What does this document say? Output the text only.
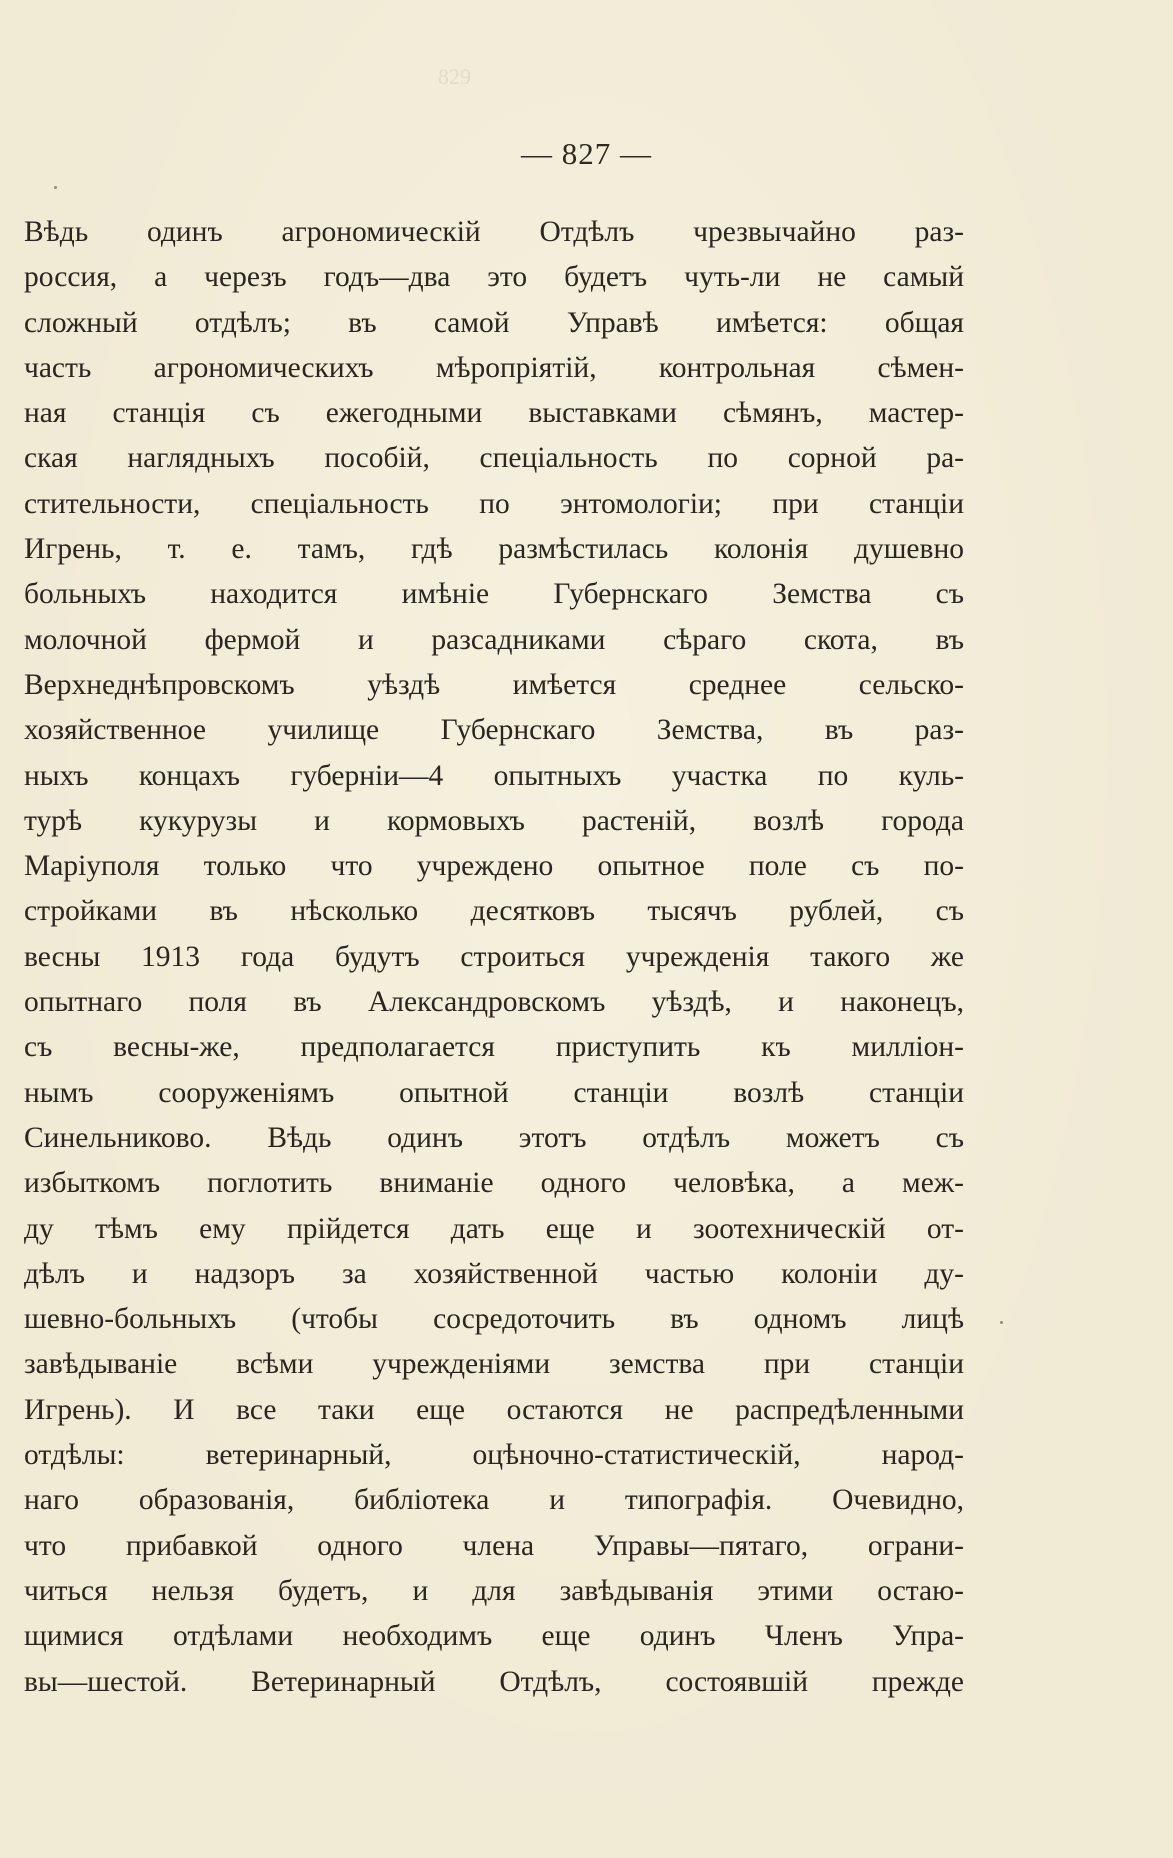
829
— 827 —
Вѣдь одинъ агрономическій Отдѣлъ чрезвычайно раз-
россия, а черезъ годъ—два это будетъ чуть-ли не самый
сложный отдѣлъ; въ самой Управѣ имѣется: общая
часть агрономическихъ мѣропріятій, контрольная сѣмен-
ная станція съ ежегодными выставками сѣмянъ, мастер-
ская наглядныхъ пособій, спеціальность по сорной ра-
стительности, спеціальность по энтомологіи; при станціи
Игрень, т. е. тамъ, гдѣ размѣстилась колонія душевно
больныхъ находится имѣніе Губернскаго Земства съ
молочной фермой и разсадниками сѣраго скота, въ
Верхнеднѣпровскомъ уѣздѣ имѣется среднее сельско-
хозяйственное училище Губернскаго Земства, въ раз-
ныхъ концахъ губерніи—4 опытныхъ участка по куль-
турѣ кукурузы и кормовыхъ растеній, возлѣ города
Маріуполя только что учреждено опытное поле съ по-
стройками въ нѣсколько десятковъ тысячъ рублей, съ
весны 1913 года будутъ строиться учрежденія такого же
опытнаго поля въ Александровскомъ уѣздѣ, и наконецъ,
съ весны-же, предполагается приступить къ милліон-
нымъ сооруженіямъ опытной станціи возлѣ станціи
Синельниково. Вѣдь одинъ этотъ отдѣлъ можетъ съ
избыткомъ поглотить вниманіе одного человѣка, а меж-
ду тѣмъ ему прійдется дать еще и зоотехническій от-
дѣлъ и надзоръ за хозяйственной частью колоніи ду-
шевно-больныхъ (чтобы сосредоточить въ одномъ лицѣ
завѣдываніе всѣми учрежденіями земства при станціи
Игрень). И все таки еще остаются не распредѣленными
отдѣлы: ветеринарный, оцѣночно-статистическій, народ-
наго образованія, библіотека и типографія. Очевидно,
что прибавкой одного члена Управы—пятаго, ограни-
читься нельзя будетъ, и для завѣдыванія этими остаю-
щимися отдѣлами необходимъ еще одинъ Членъ Упра-
вы—шестой. Ветеринарный Отдѣлъ, состоявшій прежде
